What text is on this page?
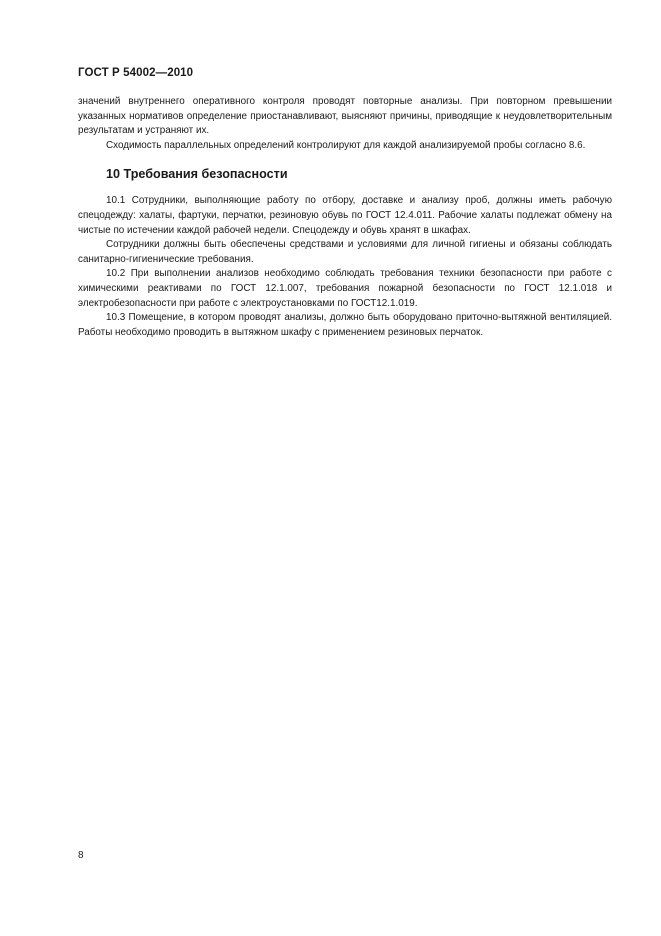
ГОСТ Р 54002—2010

значений внутреннего оперативного контроля проводят повторные анализы. При повторном превышении указанных нормативов определение приостанавливают, выясняют причины, приводящие к неудовлетворительным результатам и устраняют их.

Сходимость параллельных определений контролируют для каждой анализируемой пробы согласно 8.6.

10 Требования безопасности

10.1 Сотрудники, выполняющие работу по отбору, доставке и анализу проб, должны иметь рабочую спецодежду: халаты, фартуки, перчатки, резиновую обувь по ГОСТ 12.4.011. Рабочие халаты подлежат обмену на чистые по истечении каждой рабочей недели. Спецодежду и обувь хранят в шкафах.

Сотрудники должны быть обеспечены средствами и условиями для личной гигиены и обязаны соблюдать санитарно-гигиенические требования.

10.2 При выполнении анализов необходимо соблюдать требования техники безопасности при работе с химическими реактивами по ГОСТ 12.1.007, требования пожарной безопасности по ГОСТ 12.1.018 и электробезопасности при работе с электроустановками по ГОСТ12.1.019.

10.3 Помещение, в котором проводят анализы, должно быть оборудовано приточно-вытяжной вентиляцией. Работы необходимо проводить в вытяжном шкафу с применением резиновых перчаток.

8
